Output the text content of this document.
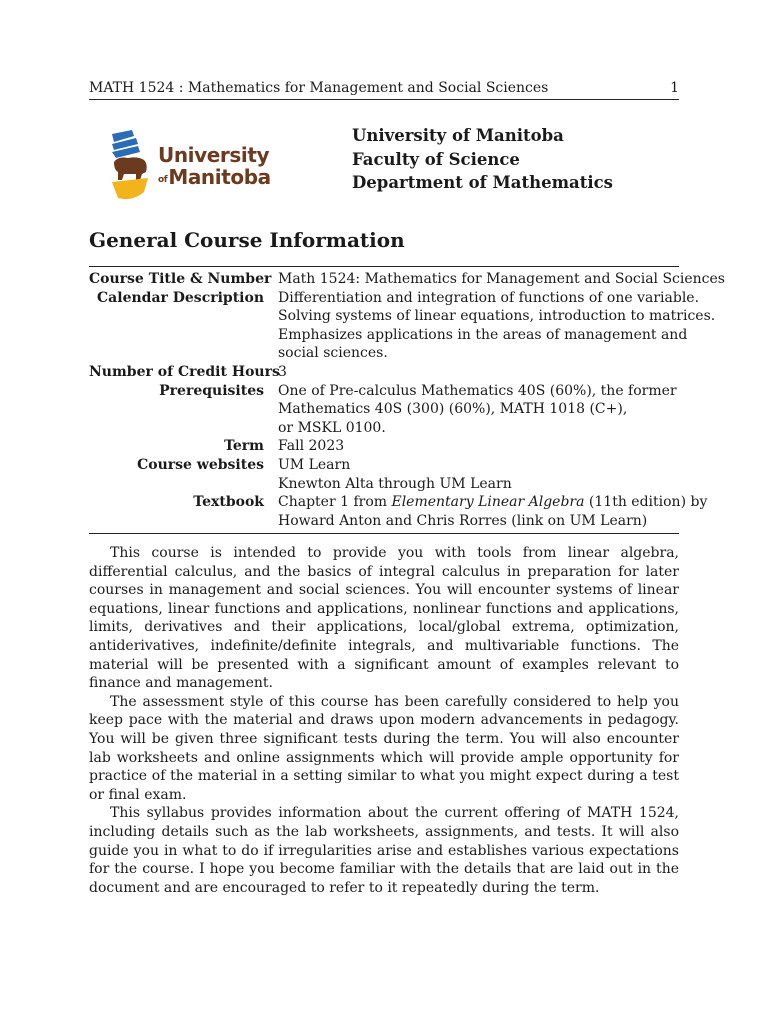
MATH 1524 : Mathematics for Management and Social Sciences	1
University
ofManitoba
University of Manitoba
Faculty of Science
Department of Mathematics
General Course Information
Course Title & Number Math 1524: Mathematics for Management and Social Sciences
Calendar Description Differentiation and integration of functions of one variable.
Solving systems of linear equations, introduction to matrices.
Emphasizes applications in the areas of management and
social sciences.
Number of Credit Hours
3
Prerequisites One of Pre-calculus Mathematics 40S (60%), the former
Mathematics 40S (300) (60%), MATH 1018 (C+),
or MSKL 0100.
Term Fall 2023
Course websites UM Learn
Knewton Alta through UM Learn
Textbook Chapter 1 from Elementary Linear Algebra (11th edition) by
Howard Anton and Chris Rorres (link on UM Learn)

This course is intended to provide you with tools from linear algebra, differential calculus, and the basics of integral calculus in preparation for later courses in management and social sciences. You will encounter systems of linear equations, linear functions and applications, nonlinear functions and applications, limits, derivatives and their applications, local/global extrema, optimization, antiderivatives, indefinite/definite integrals, and multivariable functions. The material will be presented with a significant amount of examples relevant to finance and management.

The assessment style of this course has been carefully considered to help you keep pace with the material and draws upon modern advancements in pedagogy. You will be given three significant tests during the term. You will also encounter lab worksheets and online assignments which will provide ample opportunity for practice of the material in a setting similar to what you might expect during a test or final exam.

This syllabus provides information about the current offering of MATH 1524, including details such as the lab worksheets, assignments, and tests. It will also guide you in what to do if irregularities arise and establishes various expectations for the course. I hope you become familiar with the details that are laid out in the document and are encouraged to refer to it repeatedly during the term.
